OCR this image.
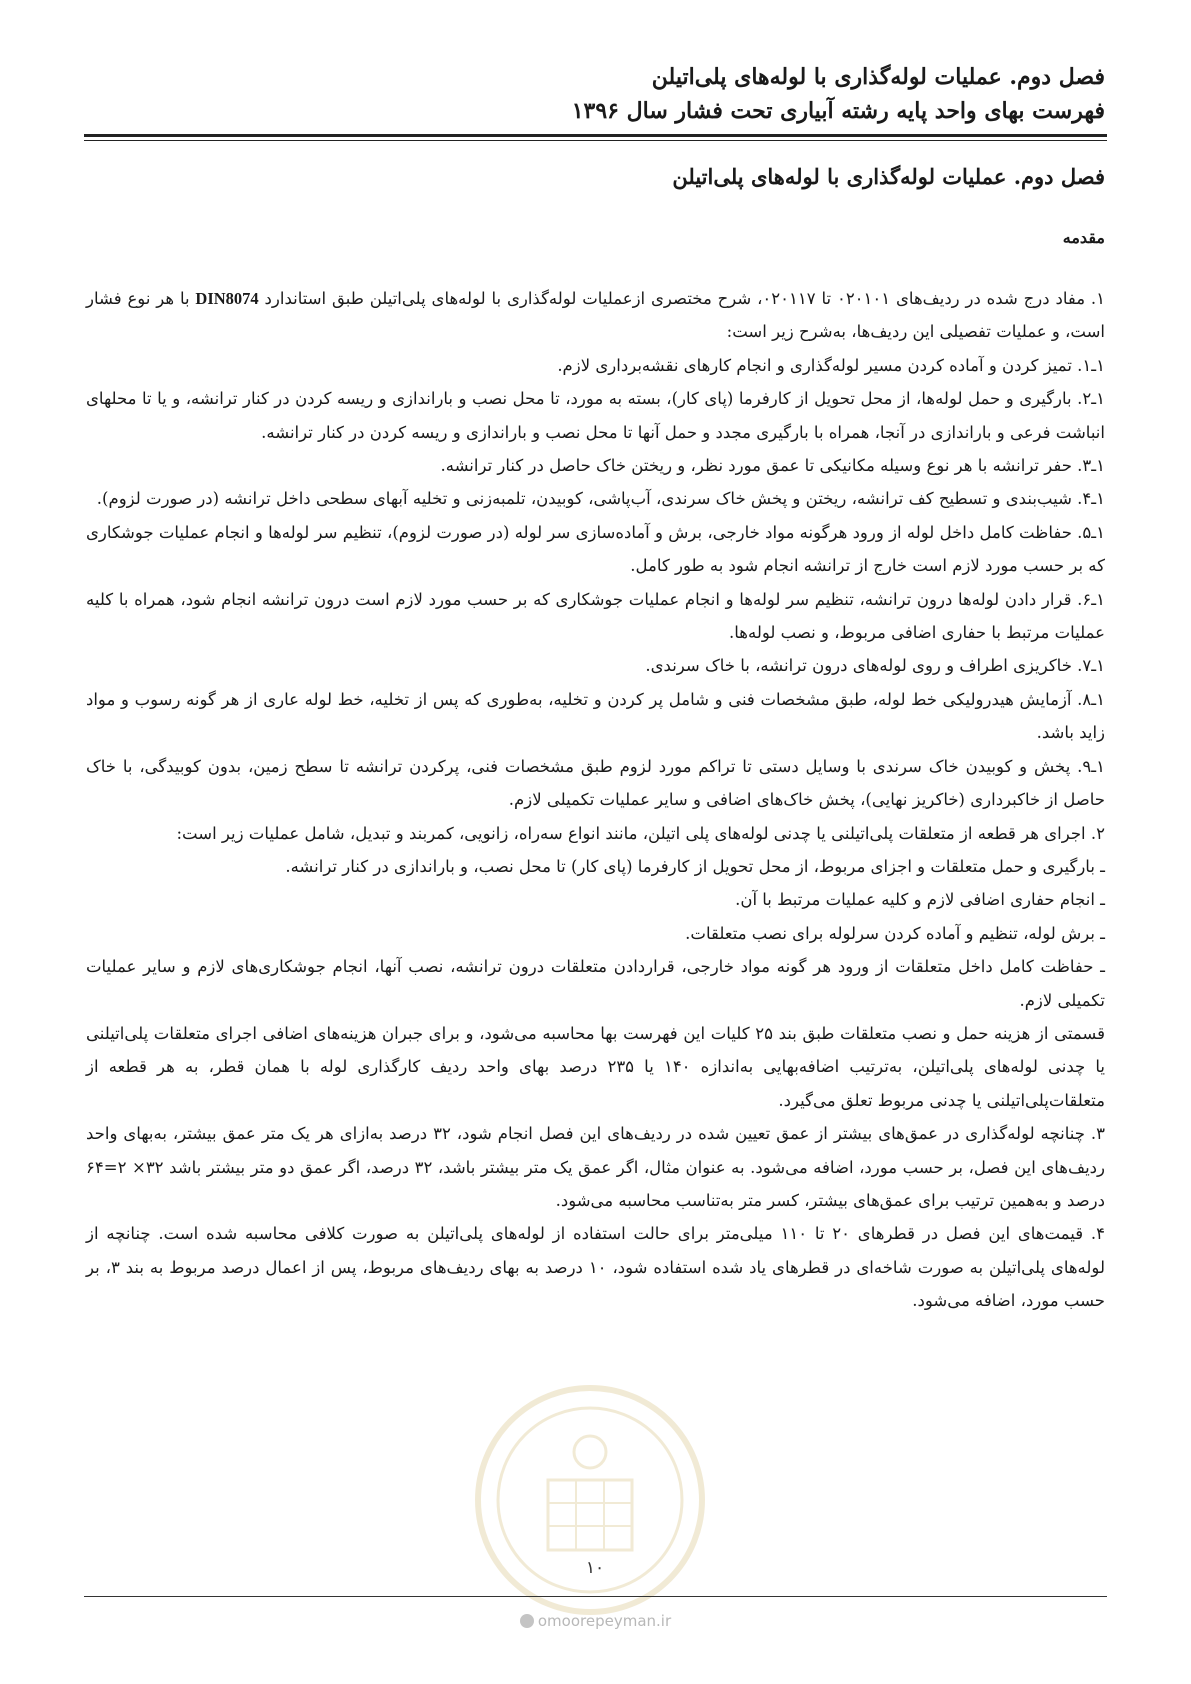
فصل دوم. عملیات لوله‌گذاری با لوله‌های پلی‌اتیلن
فهرست بهای واحد پایه رشته آبیاری تحت فشار سال ۱۳۹۶
فصل دوم. عملیات لوله‌گذاری با لوله‌های پلی‌اتیلن
مقدمه

۱. مفاد درج شده در ردیف‌های ۰۲۰۱۰۱ تا ۰۲۰۱۱۷، شرح مختصری ازعملیات لوله‌گذاری با لوله‌های پلی‌اتیلن طبق استاندارد DIN8074 با هر نوع فشار است، و عملیات تفصیلی این ردیف‌ها، به‌شرح زیر است:

۱ـ۱. تمیز کردن و آماده کردن مسیر لوله‌گذاری و انجام کارهای نقشه‌برداری لازم.

۱ـ۲. بارگیری و حمل لوله‌ها، از محل تحویل از کارفرما (پای کار)، بسته به مورد، تا محل نصب و باراندازی و ریسه کردن در کنار ترانشه، و یا تا محلهای انباشت فرعی و باراندازی در آنجا، همراه با بارگیری مجدد و حمل آنها تا محل نصب و باراندازی و ریسه کردن در کنار ترانشه.

۱ـ۳. حفر ترانشه با هر نوع وسیله مکانیکی تا عمق مورد نظر، و ریختن خاک حاصل در کنار ترانشه.

۱ـ۴. شیب‌بندی و تسطیح کف ترانشه، ریختن و پخش خاک سرندی، آب‌پاشی، کوبیدن، تلمبه‌زنی و تخلیه آبهای سطحی داخل ترانشه (در صورت لزوم).

۱ـ۵. حفاظت کامل داخل لوله از ورود هرگونه مواد خارجی، برش و آماده‌سازی سر لوله (در صورت لزوم)، تنظیم سر لوله‌ها و انجام عملیات جوشکاری که بر حسب مورد لازم است خارج از ترانشه انجام شود به طور کامل.

۱ـ۶. قرار دادن لوله‌ها درون ترانشه، تنظیم سر لوله‌ها و انجام عملیات جوشکاری که بر حسب مورد لازم است درون ترانشه انجام شود، همراه با کلیه عملیات مرتبط با حفاری اضافی مربوط، و نصب لوله‌ها.

۱ـ۷. خاکریزی اطراف و روی لوله‌های درون ترانشه، با خاک سرندی.

۱ـ۸. آزمایش هیدرولیکی خط لوله، طبق مشخصات فنی و شامل پر کردن و تخلیه، به‌طوری که پس از تخلیه، خط لوله عاری از هر گونه رسوب و مواد زاید باشد.

۱ـ۹. پخش و کوبیدن خاک سرندی با وسایل دستی تا تراکم مورد لزوم طبق مشخصات فنی، پرکردن ترانشه تا سطح زمین، بدون کوبیدگی، با خاک حاصل از خاکبرداری (خاکریز نهایی)، پخش خاک‌های اضافی و سایر عملیات تکمیلی لازم.

۲. اجرای هر قطعه از متعلقات پلی‌اتیلنی یا چدنی لوله‌های پلی اتیلن، مانند انواع سه‌راه، زانویی، کمربند و تبدیل، شامل عملیات زیر است:

ـ بارگیری و حمل متعلقات و اجزای مربوط، از محل تحویل از کارفرما (پای کار) تا محل نصب، و باراندازی در کنار ترانشه.

ـ انجام حفاری اضافی لازم و کلیه عملیات مرتبط با آن.

ـ برش لوله، تنظیم و آماده کردن سرلوله برای نصب متعلقات.

ـ حفاظت کامل داخل متعلقات از ورود هر گونه مواد خارجی، قراردادن متعلقات درون ترانشه، نصب آنها، انجام جوشکاری‌های لازم و سایر عملیات تکمیلی لازم.

قسمتی از هزینه حمل و نصب متعلقات طبق بند ۲۵ کلیات این فهرست بها محاسبه می‌شود، و برای جبران هزینه‌های اضافی اجرای متعلقات پلی‌اتیلنی یا چدنی لوله‌های پلی‌اتیلن، به‌ترتیب اضافه‌بهایی به‌اندازه ۱۴۰ یا ۲۳۵ درصد بهای واحد ردیف کارگذاری لوله با همان قطر، به هر قطعه از متعلقات‌پلی‌اتیلنی یا چدنی مربوط تعلق می‌گیرد.

۳. چنانچه لوله‌گذاری در عمق‌های بیشتر از عمق تعیین شده در ردیف‌های این فصل انجام شود، ۳۲ درصد به‌ازای هر یک متر عمق بیشتر، به‌بهای واحد ردیف‌های این فصل، بر حسب مورد، اضافه می‌شود. به عنوان مثال، اگر عمق یک متر بیشتر باشد، ۳۲ درصد، اگر عمق دو متر بیشتر باشد ۳۲× ۲=۶۴ درصد و به‌همین ترتیب برای عمق‌های بیشتر، کسر متر به‌تناسب محاسبه می‌شود.

۴. قیمت‌های این فصل در قطرهای ۲۰ تا ۱۱۰ میلی‌متر برای حالت استفاده از لوله‌های پلی‌اتیلن به صورت کلافی محاسبه شده است. چنانچه از لوله‌های پلی‌اتیلن به صورت شاخه‌ای در قطرهای یاد شده استفاده شود، ۱۰ درصد به بهای ردیف‌های مربوط، پس از اعمال درصد مربوط به بند ۳، بر حسب مورد، اضافه می‌شود.

۱۰
omoorepeyman.ir
